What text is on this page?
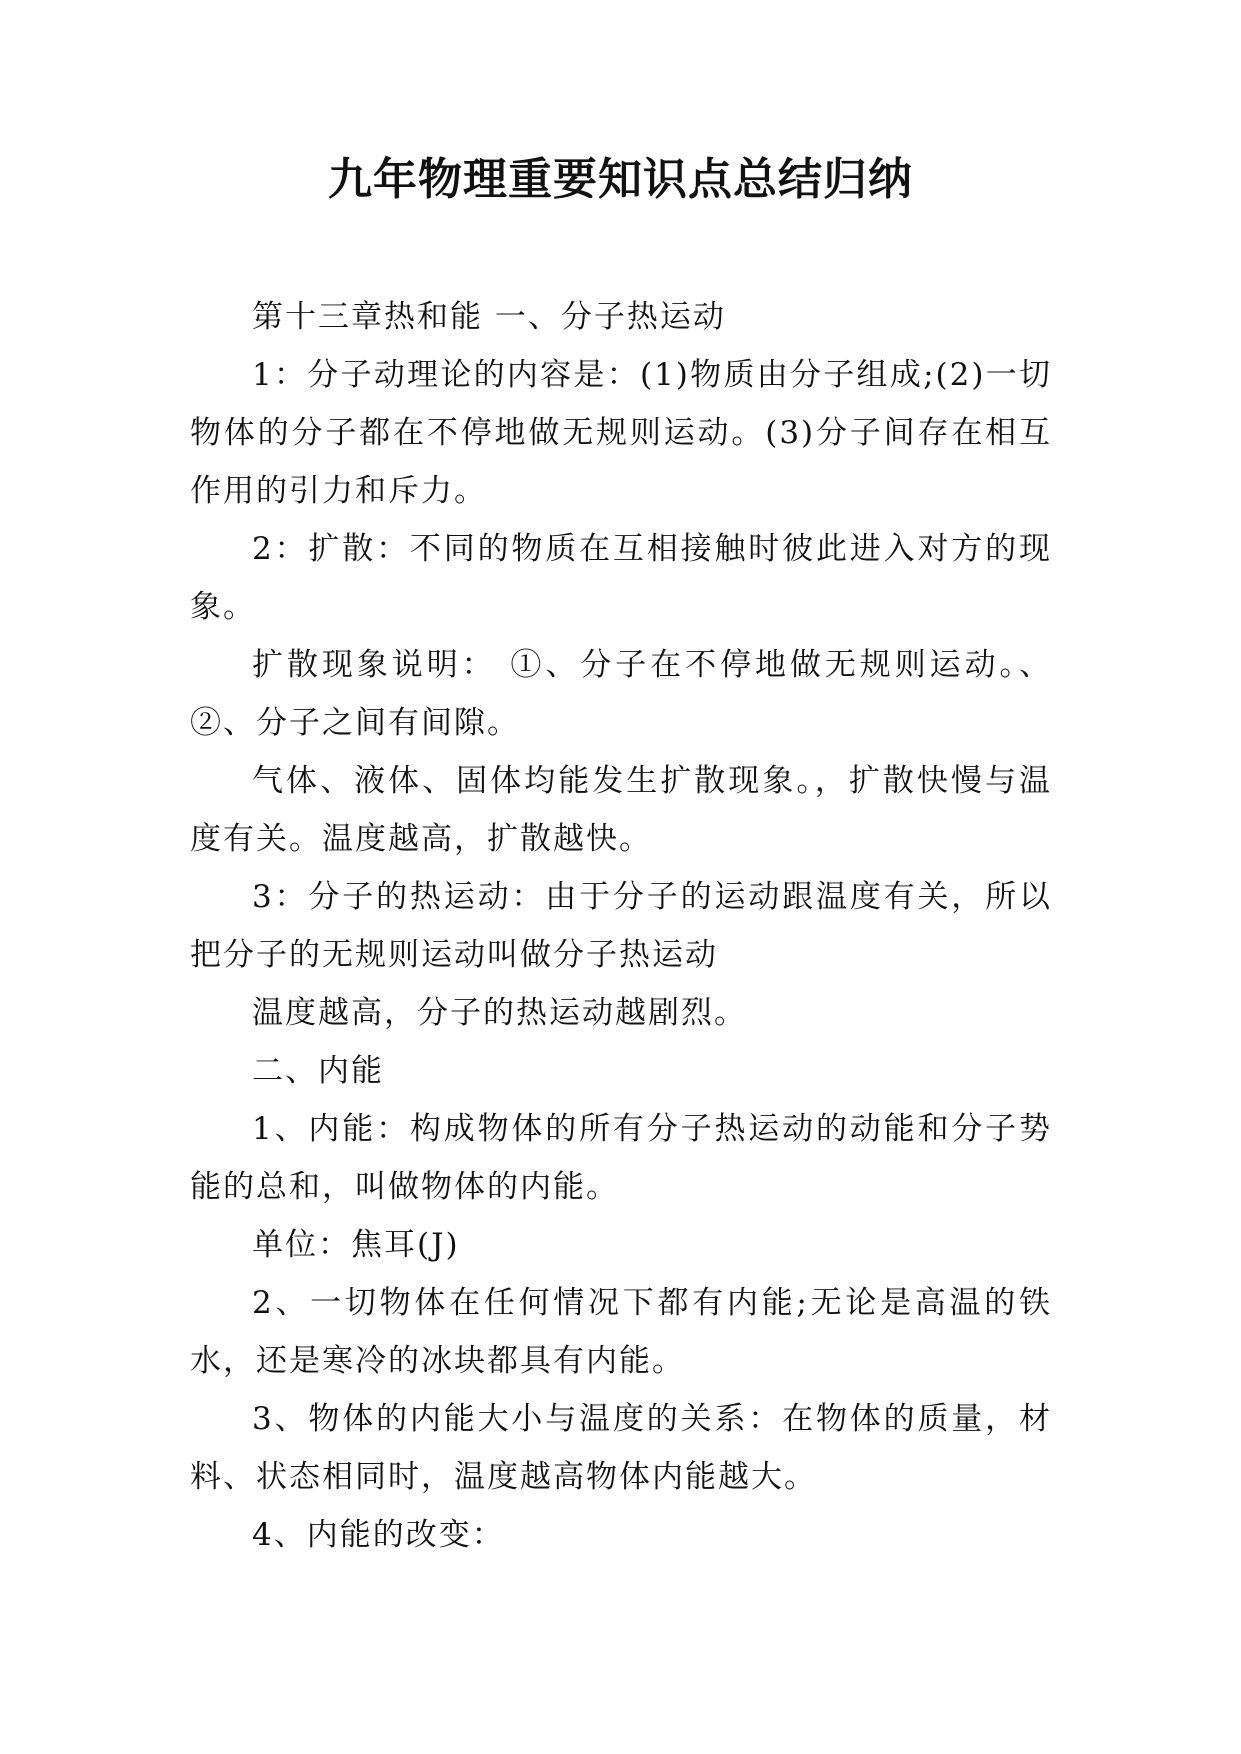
九年物理重要知识点总结归纳

第十三章热和能 一、分子热运动

1：分子动理论的内容是：(1)物质由分子组成;(2)一切物体的分子都在不停地做无规则运动。(3)分子间存在相互作用的引力和斥力。

2：扩散：不同的物质在互相接触时彼此进入对方的现象。

扩散现象说明： ①、分子在不停地做无规则运动。、②、分子之间有间隙。

气体、液体、固体均能发生扩散现象。，扩散快慢与温度有关。温度越高，扩散越快。

3：分子的热运动：由于分子的运动跟温度有关，所以把分子的无规则运动叫做分子热运动

温度越高，分子的热运动越剧烈。

二、内能

1、内能：构成物体的所有分子热运动的动能和分子势能的总和，叫做物体的内能。

单位：焦耳(J)

2、一切物体在任何情况下都有内能;无论是高温的铁水，还是寒冷的冰块都具有内能。

3、物体的内能大小与温度的关系：在物体的质量，材料、状态相同时，温度越高物体内能越大。

4、内能的改变：
